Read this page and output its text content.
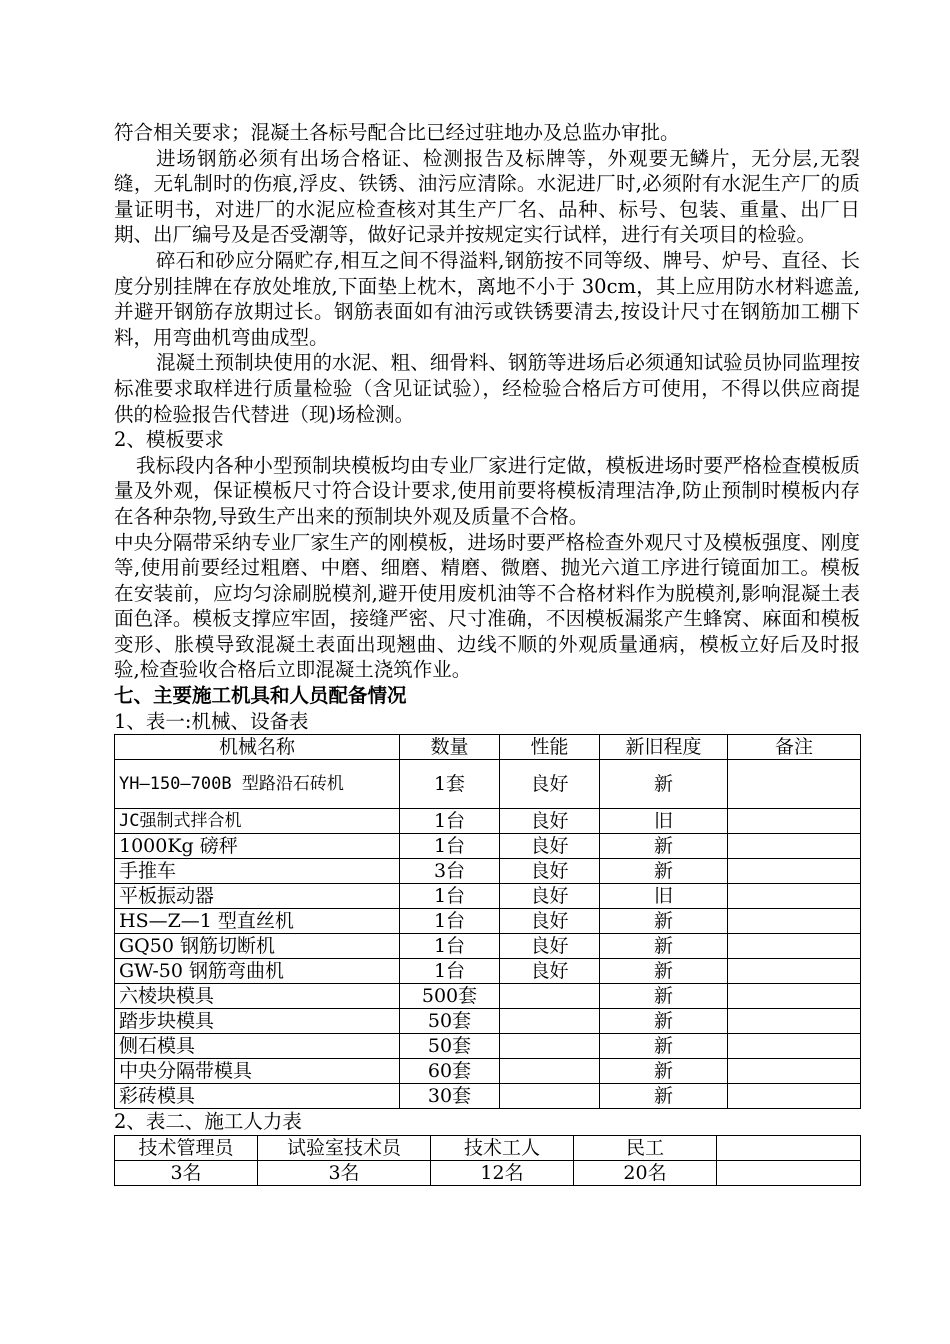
符合相关要求；混凝土各标号配合比已经过驻地办及总监办审批。

进场钢筋必须有出场合格证、检测报告及标牌等，外观要无鳞片，无分层,无裂缝，无轧制时的伤痕,浮皮、铁锈、油污应清除。水泥进厂时,必须附有水泥生产厂的质量证明书，对进厂的水泥应检查核对其生产厂名、品种、标号、包装、重量、出厂日期、出厂编号及是否受潮等，做好记录并按规定实行试样，进行有关项目的检验。

碎石和砂应分隔贮存,相互之间不得溢料,钢筋按不同等级、牌号、炉号、直径、长度分别挂牌在存放处堆放,下面垫上枕木，离地不小于 30cm，其上应用防水材料遮盖,并避开钢筋存放期过长。钢筋表面如有油污或铁锈要清去,按设计尺寸在钢筋加工棚下料，用弯曲机弯曲成型。

混凝土预制块使用的水泥、粗、细骨料、钢筋等进场后必须通知试验员协同监理按标准要求取样进行质量检验（含见证试验），经检验合格后方可使用，不得以供应商提供的检验报告代替进（现)场检测。

2、模板要求

我标段内各种小型预制块模板均由专业厂家进行定做，模板进场时要严格检查模板质量及外观，保证模板尺寸符合设计要求,使用前要将模板清理洁净,防止预制时模板内存在各种杂物,导致生产出来的预制块外观及质量不合格。

中央分隔带采纳专业厂家生产的刚模板，进场时要严格检查外观尺寸及模板强度、刚度等,使用前要经过粗磨、中磨、细磨、精磨、微磨、抛光六道工序进行镜面加工。模板在安装前，应均匀涂刷脱模剂,避开使用废机油等不合格材料作为脱模剂,影响混凝土表面色泽。模板支撑应牢固，接缝严密、尺寸准确，不因模板漏浆产生蜂窝、麻面和模板变形、胀模导致混凝土表面出现翘曲、边线不顺的外观质量通病，模板立好后及时报验,检查验收合格后立即混凝土浇筑作业。

七、主要施工机具和人员配备情况

1、表一:机械、设备表

机械名称	数量	性能	新旧程度	备注
YH—150—700B 型路沿石砖机	1套	良好	新	
JC强制式拌合机	1台	良好	旧	
1000Kg 磅秤	1台	良好	新	
手推车	3台	良好	新	
平板振动器	1台	良好	旧	
HS—Z—1 型直丝机	1台	良好	新	
GQ50 钢筋切断机	1台	良好	新	
GW-50 钢筋弯曲机	1台	良好	新	
六棱块模具	500套		新	
踏步块模具	50套		新	
侧石模具	50套		新	
中央分隔带模具	60套		新	
彩砖模具	30套		新	

2、表二、施工人力表

技术管理员	试验室技术员	技术工人	民工	
3名	3名	12名	20名	
